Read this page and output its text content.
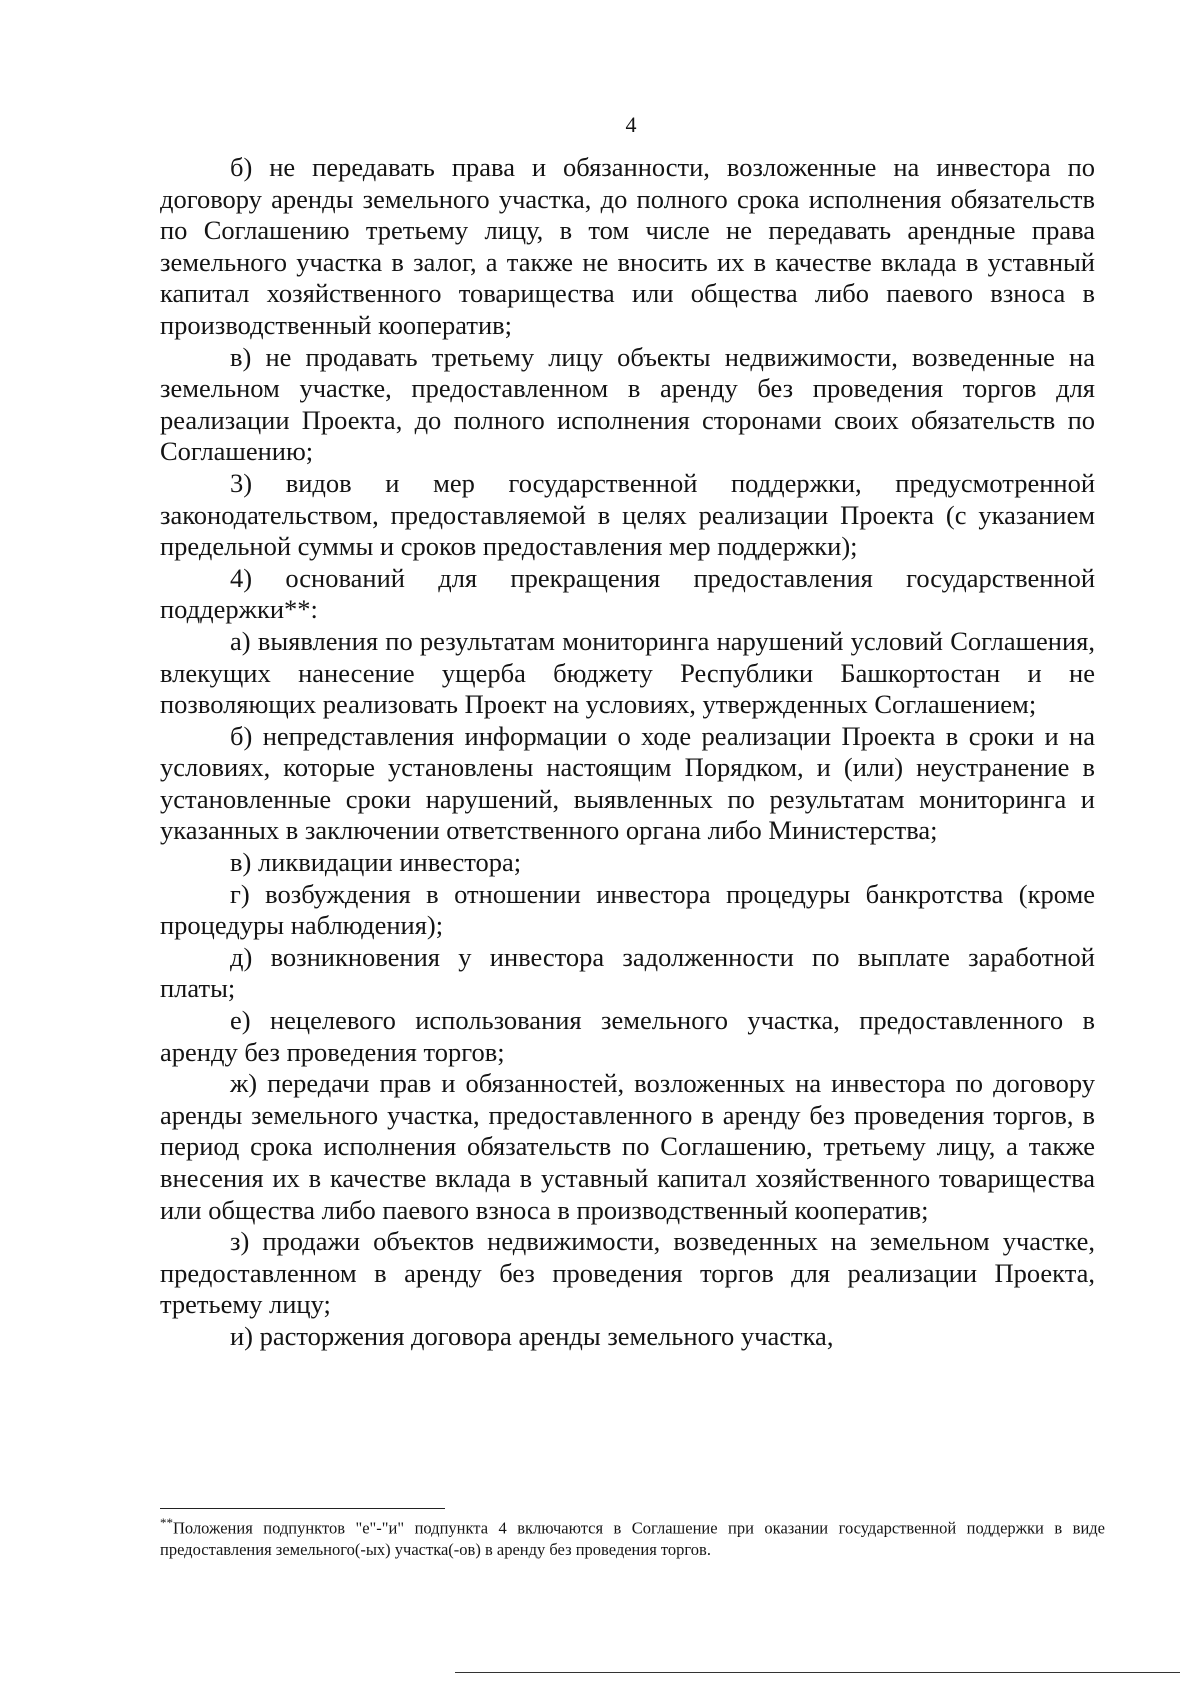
4

б) не передавать права и обязанности, возложенные на инвестора по договору аренды земельного участка, до полного срока исполнения обязательств по Соглашению третьему лицу, в том числе не передавать арендные права земельного участка в залог, а также не вносить их в качестве вклада в уставный капитал хозяйственного товарищества или общества либо паевого взноса в производственный кооператив;

в) не продавать третьему лицу объекты недвижимости, возведенные на земельном участке, предоставленном в аренду без проведения торгов для реализации Проекта, до полного исполнения сторонами своих обязательств по Соглашению;

3) видов и мер государственной поддержки, предусмотренной законодательством, предоставляемой в целях реализации Проекта (с указанием предельной суммы и сроков предоставления мер поддержки);

4) оснований для прекращения предоставления государственной поддержки**:

а) выявления по результатам мониторинга нарушений условий Соглашения, влекущих нанесение ущерба бюджету Республики Башкортостан и не позволяющих реализовать Проект на условиях, утвержденных Соглашением;

б) непредставления информации о ходе реализации Проекта в сроки и на условиях, которые установлены настоящим Порядком, и (или) неустранение в установленные сроки нарушений, выявленных по результатам мониторинга и указанных в заключении ответственного органа либо Министерства;

в) ликвидации инвестора;

г) возбуждения в отношении инвестора процедуры банкротства (кроме процедуры наблюдения);

д) возникновения у инвестора задолженности по выплате заработной платы;

е) нецелевого использования земельного участка, предоставленного в аренду без проведения торгов;

ж) передачи прав и обязанностей, возложенных на инвестора по договору аренды земельного участка, предоставленного в аренду без проведения торгов, в период срока исполнения обязательств по Соглашению, третьему лицу, а также внесения их в качестве вклада в уставный капитал хозяйственного товарищества или общества либо паевого взноса в производственный кооператив;

з) продажи объектов недвижимости, возведенных на земельном участке, предоставленном в аренду без проведения торгов для реализации Проекта, третьему лицу;

и) расторжения договора аренды земельного участка,

**Положения подпунктов "е"-"и" подпункта 4 включаются в Соглашение при оказании государственной поддержки в виде предоставления земельного(-ых) участка(-ов) в аренду без проведения торгов.
